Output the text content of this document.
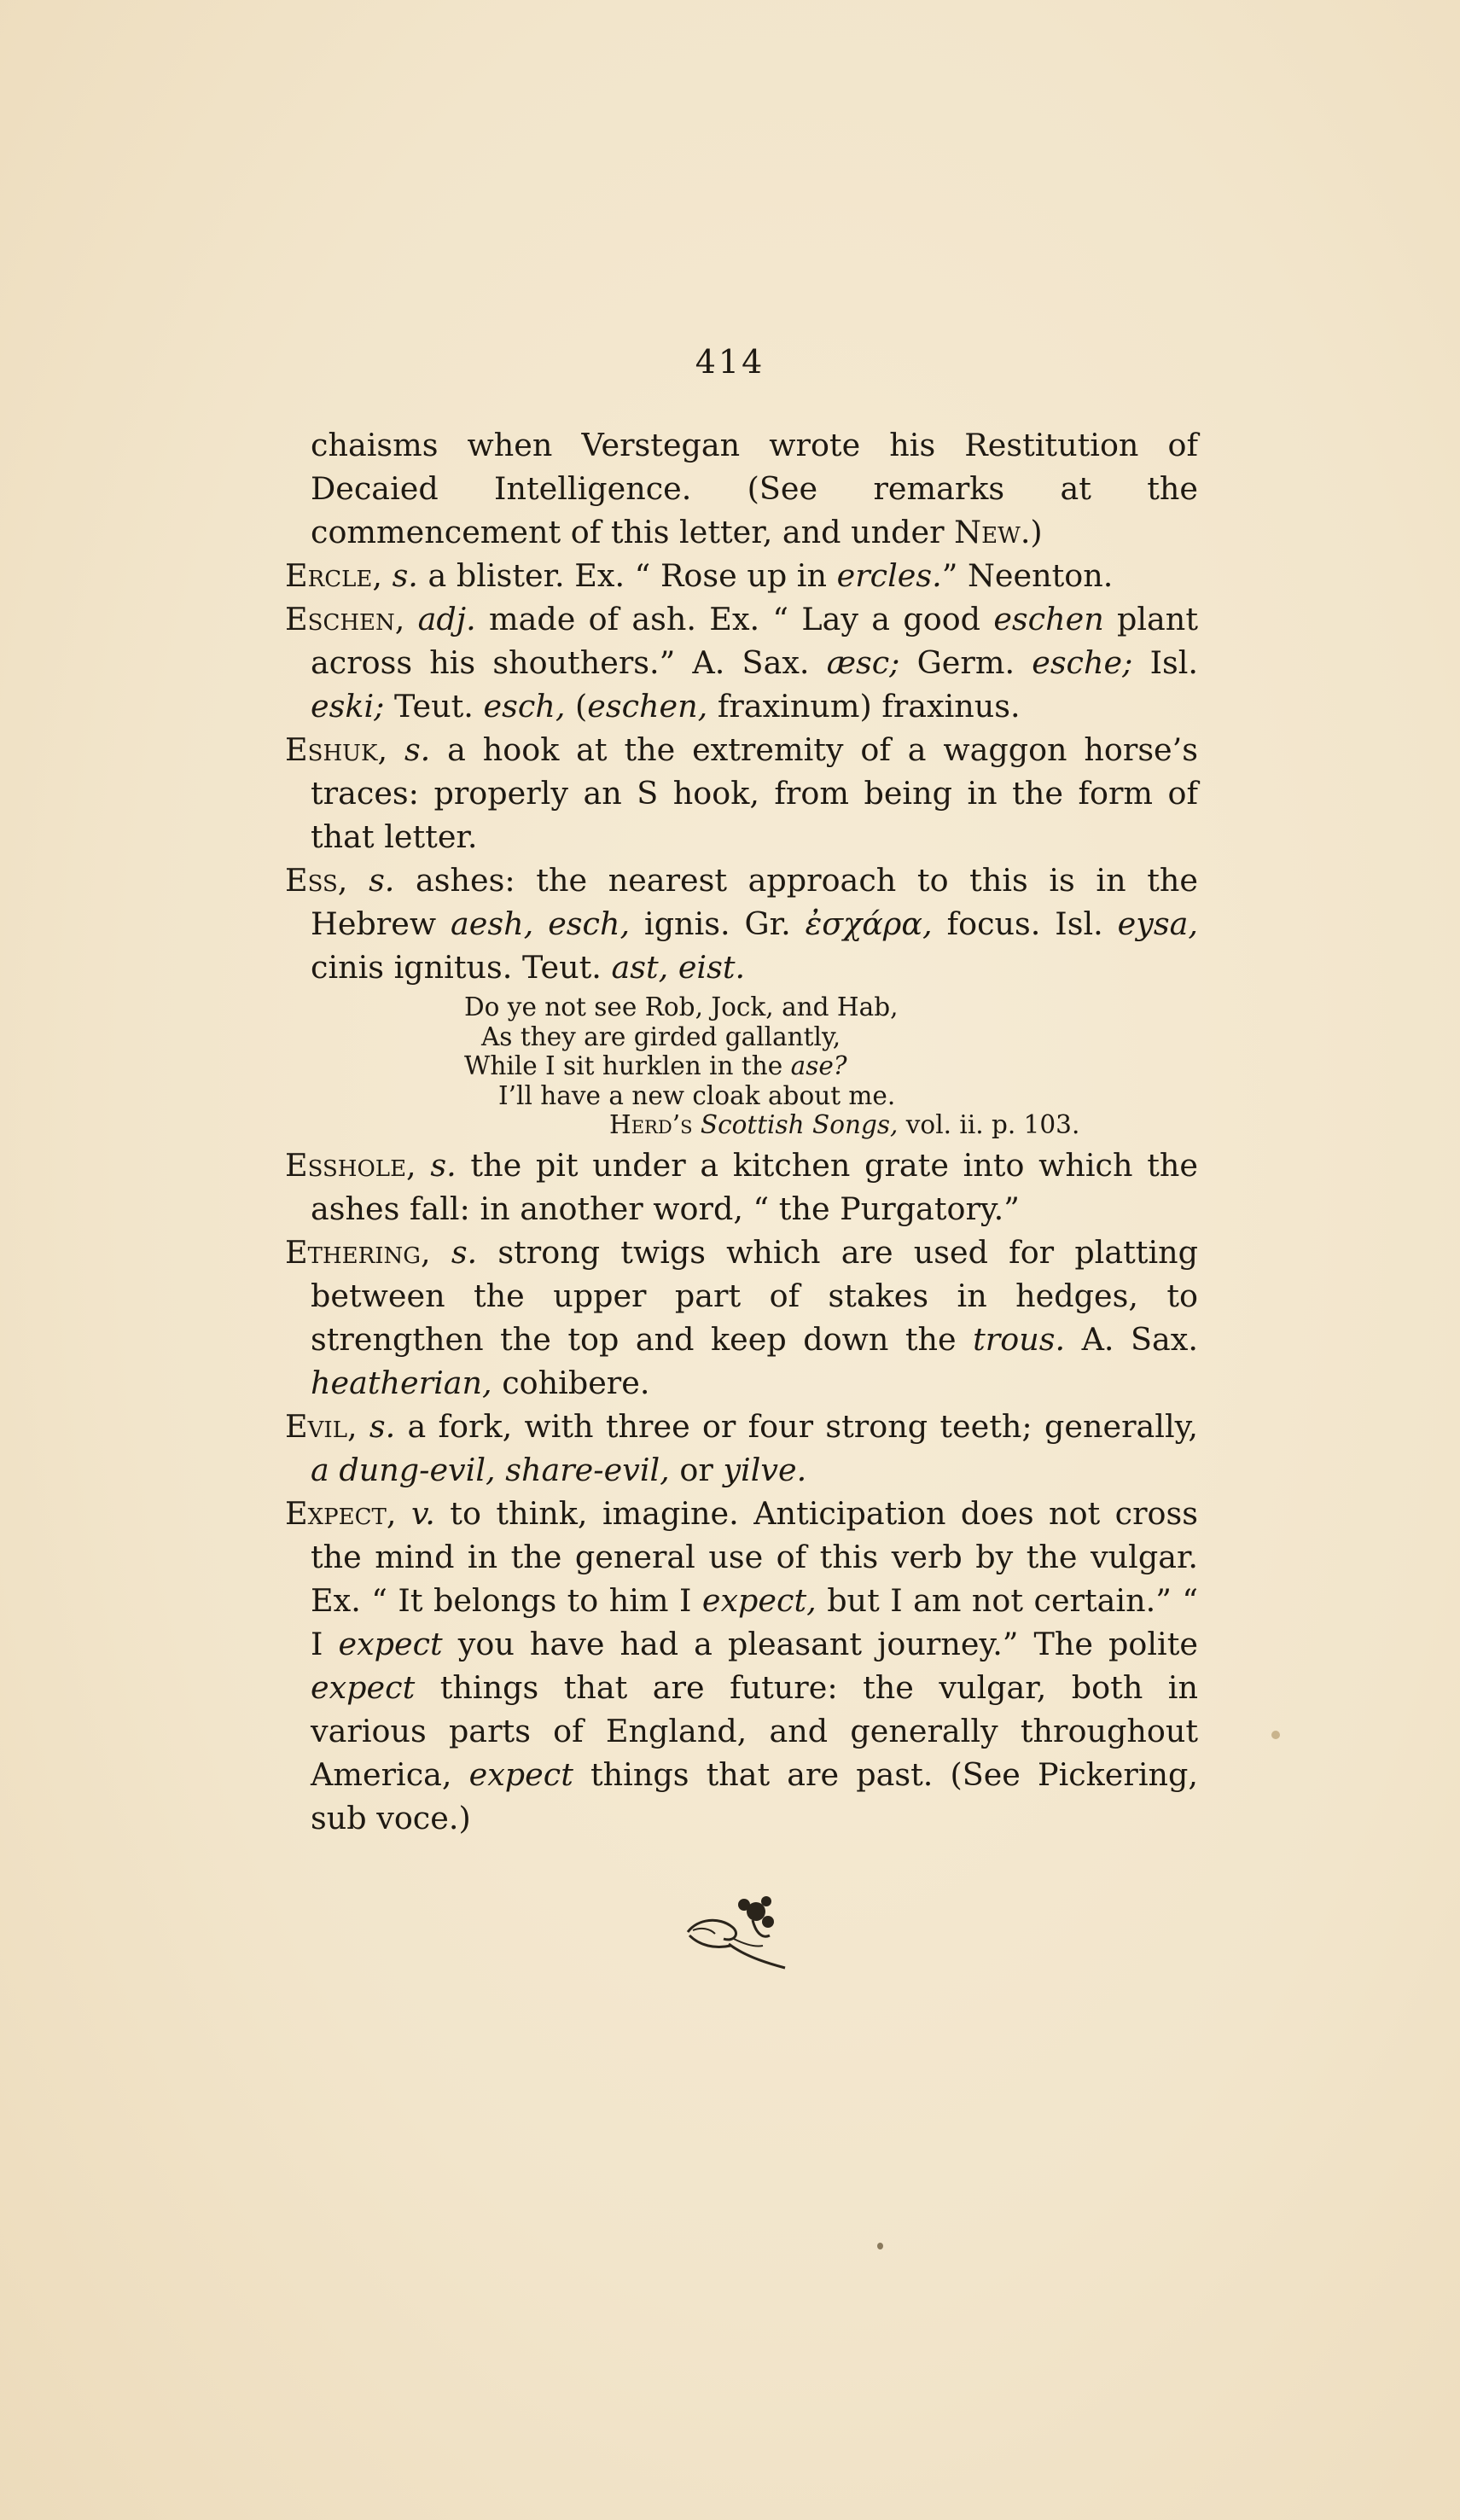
414

chaisms when Verstegan wrote his Restitution of Decaied Intelligence. (See remarks at the commencement of this letter, and under New.)

Ercle, s. a blister. Ex. “ Rose up in ercles.” Neenton.

Eschen, adj. made of ash. Ex. “ Lay a good eschen plant across his shouthers.” A. Sax. æsc; Germ. esche; Isl. eski; Teut. esch, (eschen, fraxinum) fraxinus.

Eshuk, s. a hook at the extremity of a waggon horse’s traces: properly an S hook, from being in the form of that letter.

Ess, s. ashes: the nearest approach to this is in the Hebrew aesh, esch, ignis. Gr. ἐσχάρα, focus. Isl. eysa, cinis ignitus. Teut. ast, eist.

Do ye not see Rob, Jock, and Hab,
As they are girded gallantly,
While I sit hurklen in the ase?
I’ll have a new cloak about me.
Herd’s Scottish Songs, vol. ii. p. 103.

Esshole, s. the pit under a kitchen grate into which the ashes fall: in another word, “ the Purgatory.”

Ethering, s. strong twigs which are used for platting between the upper part of stakes in hedges, to strengthen the top and keep down the trous. A. Sax. heatherian, cohibere.

Evil, s. a fork, with three or four strong teeth; generally, a dung-evil, share-evil, or yilve.

Expect, v. to think, imagine. Anticipation does not cross the mind in the general use of this verb by the vulgar. Ex. “ It belongs to him I expect, but I am not certain.” “ I expect you have had a pleasant journey.” The polite expect things that are future: the vulgar, both in various parts of England, and generally throughout America, expect things that are past. (See Pickering, sub voce.)
